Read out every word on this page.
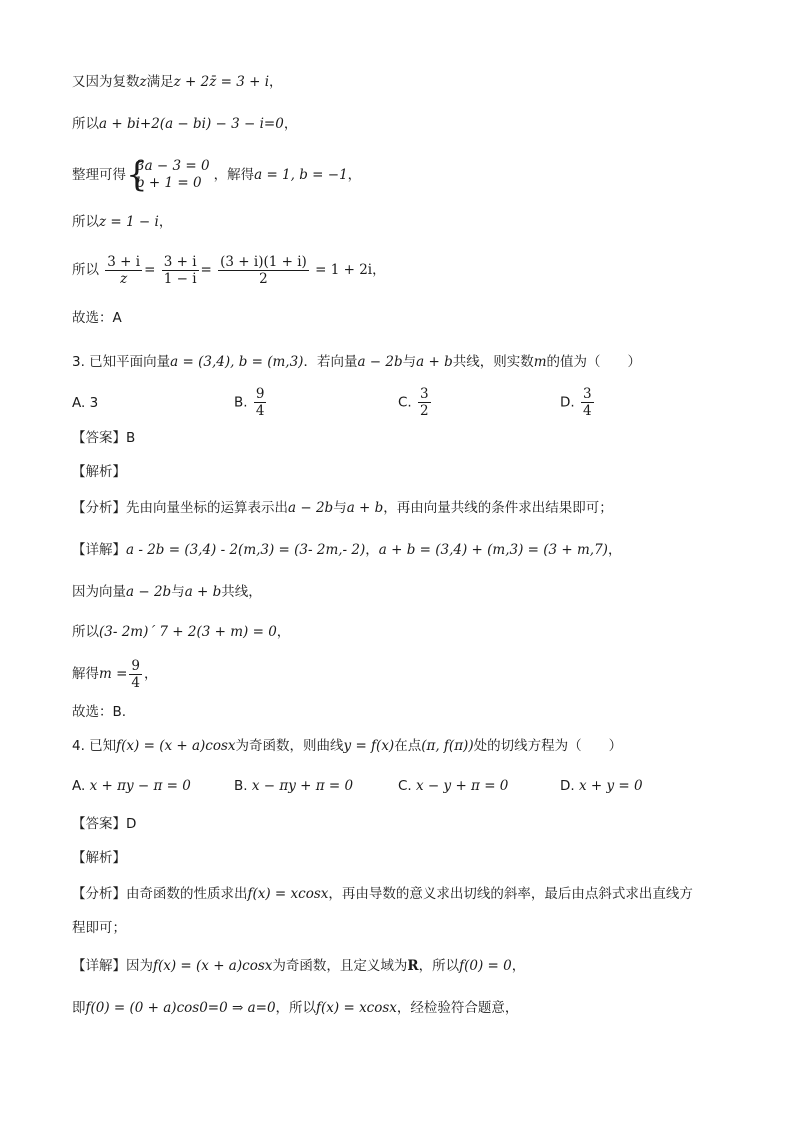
又因为复数z满足z + 2z̄ = 3 + i，
所以a + bi+2(a − bi) − 3 − i=0，
整理可得 {
3a − 3 = 0
b + 1 = 0 ，解得a = 1, b = −1，
所以z = 1 − i，
所以 $\frac{3 + i}{z} = \frac{3 + i}{1 - i} = \frac{(3 + i)(1 + i)}{2} = 1 + 2i$，
故选：A
3. 已知平面向量a = (3,4), b = (m,3)．若向量a − 2b与a + b共线，则实数m的值为（　　）
A. 3	B. $\frac{9}{4}$	C. $\frac{3}{2}$	D. $\frac{3}{4}$
【答案】B
【解析】
【分析】先由向量坐标的运算表示出a − 2b与a + b，再由向量共线的条件求出结果即可；
【详解】a - 2b = (3,4) - 2(m,3) = (3- 2m,- 2)，a + b = (3,4) + (m,3) = (3 + m,7)，
因为向量a − 2b与a + b共线，
所以(3- 2m)´ 7 + 2(3 + m) = 0，
解得$m = \frac{9}{4}$ ，
故选：B.
4. 已知f(x) = (x + a)cosx为奇函数，则曲线y = f(x)在点(π, f(π))处的切线方程为（　　）
A. x + πy − π = 0	B. x − πy + π = 0	C. x − y + π = 0	D. x + y = 0
【答案】D
【解析】
【分析】由奇函数的性质求出f(x) = xcosx，再由导数的意义求出切线的斜率，最后由点斜式求出直线方
程即可；
【详解】因为f(x) = (x + a)cosx为奇函数，且定义域为R，所以f(0) = 0，
即f(0) = (0 + a)cos0=0 ⇒ a=0，所以f(x) = xcosx，经检验符合题意，
